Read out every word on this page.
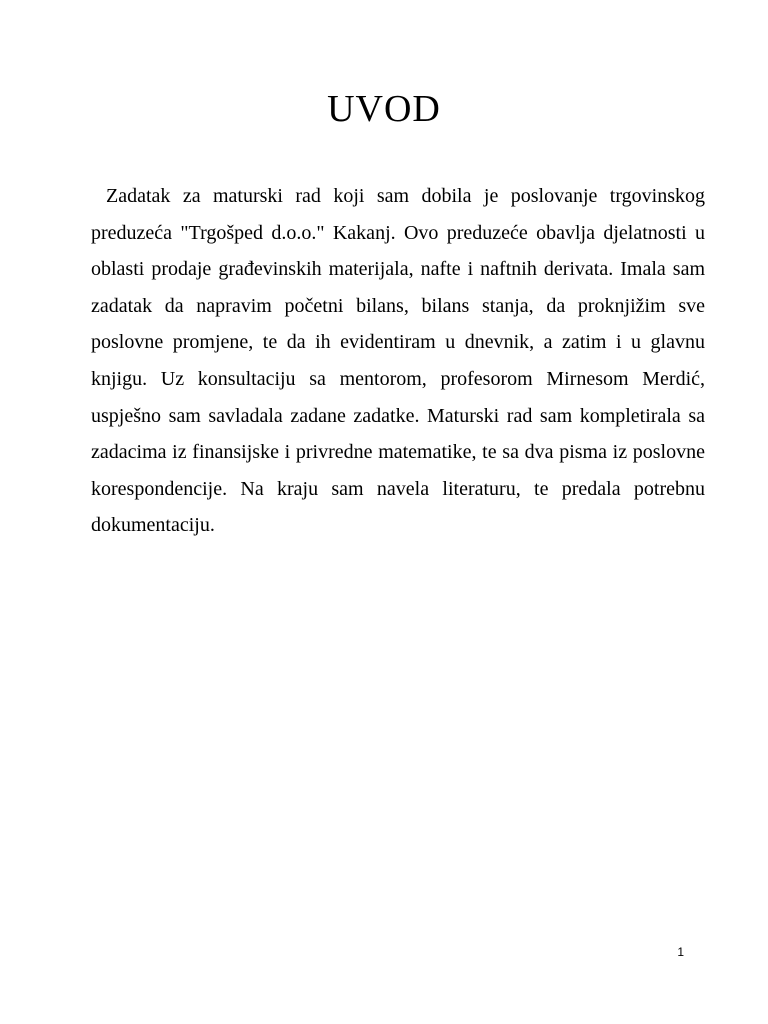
UVOD

Zadatak za maturski rad koji sam dobila je poslovanje trgovinskog preduzeća "Trgošped d.o.o." Kakanj. Ovo preduzeće obavlja djelatnosti u oblasti prodaje građevinskih materijala, nafte i naftnih derivata. Imala sam zadatak da napravim početni bilans, bilans stanja, da proknjižim sve poslovne promjene, te da ih evidentiram u dnevnik, a zatim i u glavnu knjigu. Uz konsultaciju sa mentorom, profesorom Mirnesom Merdić, uspješno sam savladala zadane zadatke. Maturski rad sam kompletirala sa zadacima iz finansijske i privredne matematike, te sa dva pisma iz poslovne korespondencije. Na kraju sam navela literaturu, te predala potrebnu dokumentaciju.

1
